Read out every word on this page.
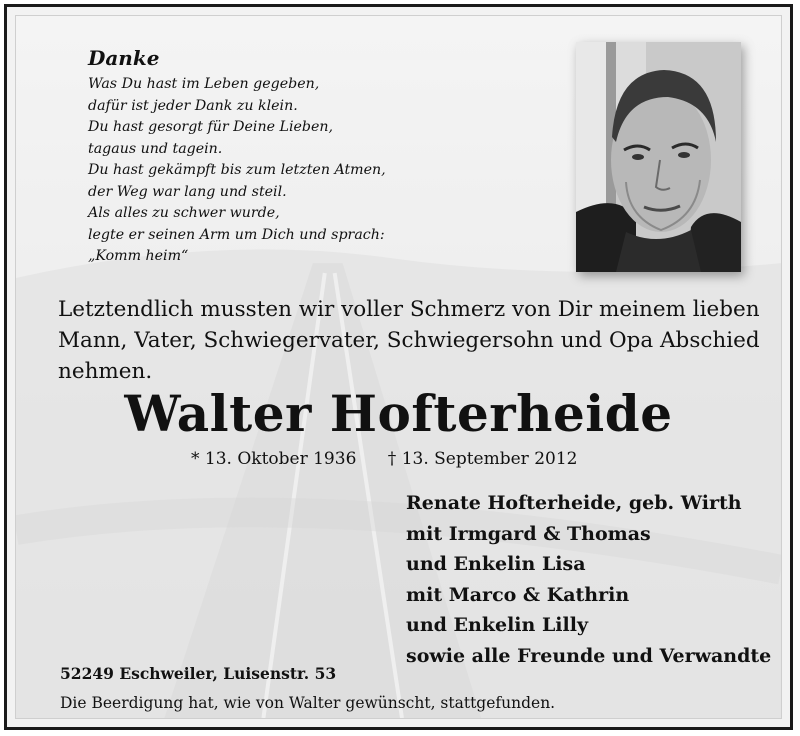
Danke
Was Du hast im Leben gegeben,
dafür ist jeder Dank zu klein.
Du hast gesorgt für Deine Lieben,
tagaus und tagein.
Du hast gekämpft bis zum letzten Atmen,
der Weg war lang und steil.
Als alles zu schwer wurde,
legte er seinen Arm um Dich und sprach:
„Komm heim“
Letztendlich mussten wir voller Schmerz von Dir meinem lieben Mann, Vater, Schwiegervater, Schwiegersohn und Opa Abschied nehmen.
Walter Hofterheide
* 13. Oktober 1936 † 13. September 2012
Renate Hofterheide, geb. Wirth
mit Irmgard & Thomas
und Enkelin Lisa
mit Marco & Kathrin
und Enkelin Lilly
sowie alle Freunde und Verwandte
52249 Eschweiler, Luisenstr. 53
Die Beerdigung hat, wie von Walter gewünscht, stattgefunden.
